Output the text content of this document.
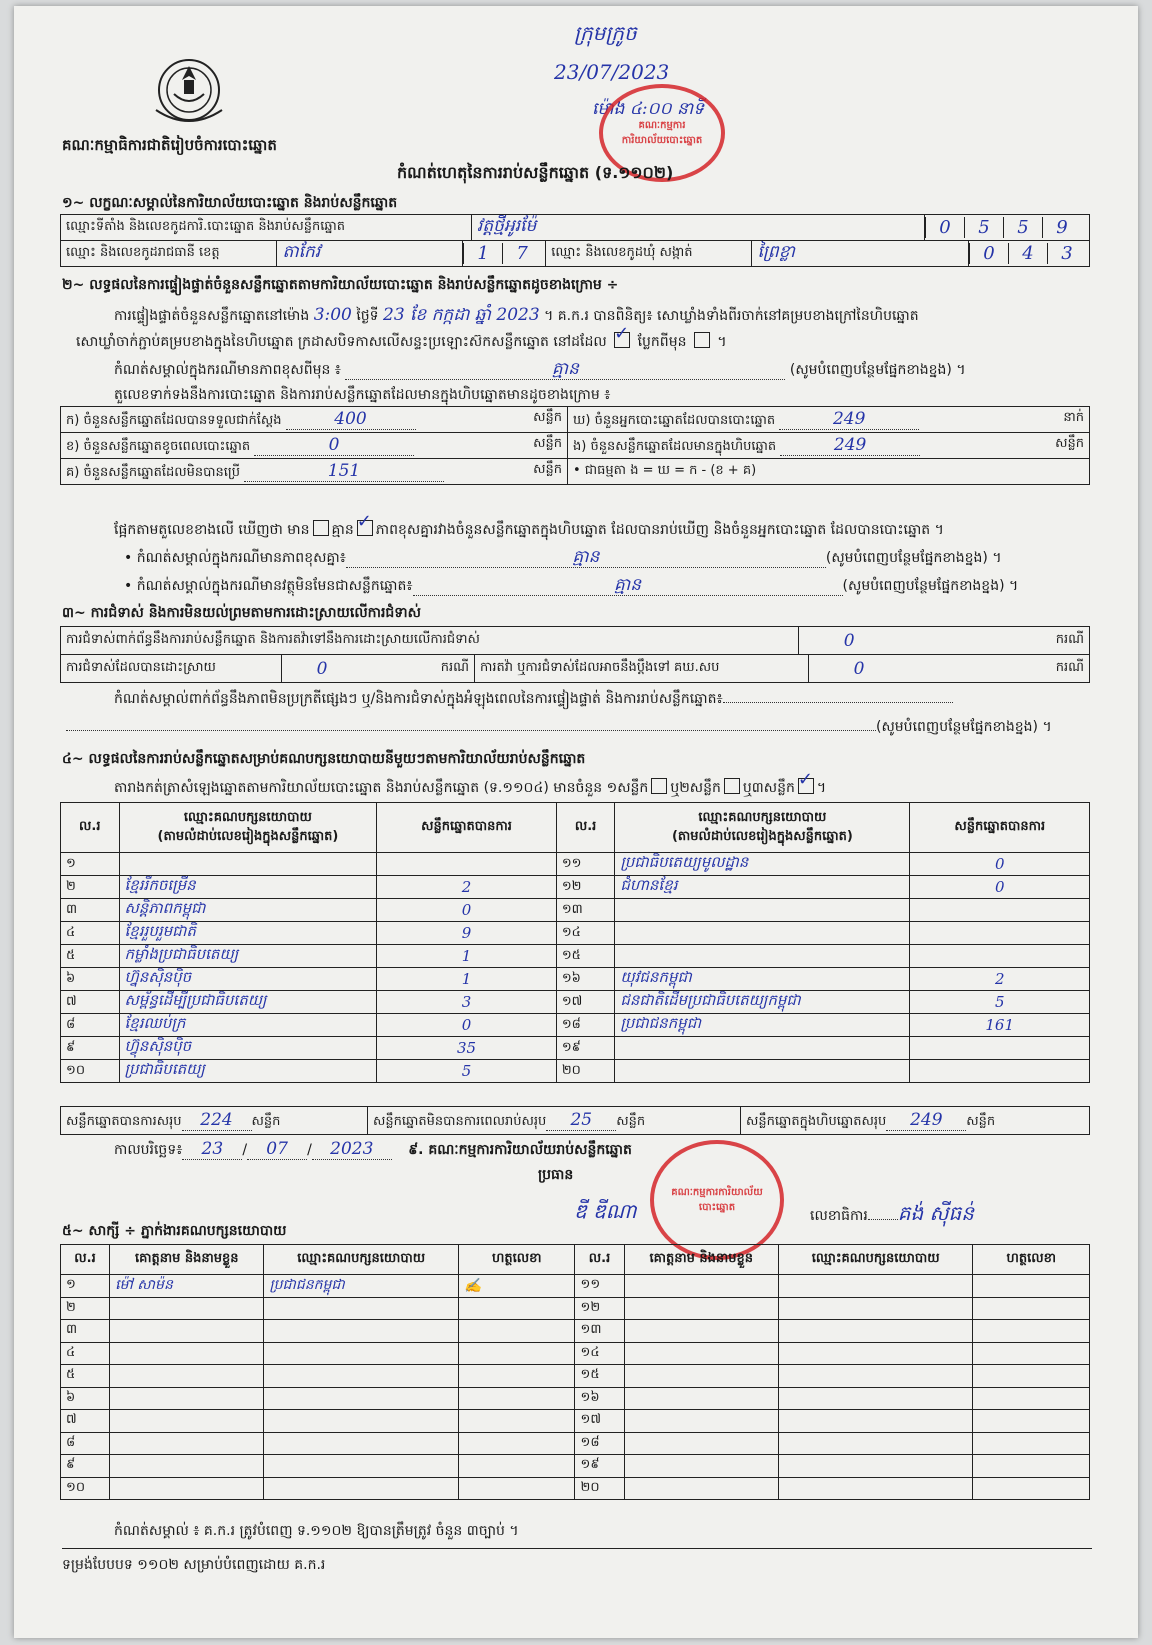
គណៈកម្មាធិការជាតិរៀបចំការបោះឆ្នោត
ក្រុមក្រូច
23/07/2023
ម៉ោង ៤:០០ នាទី
គណៈកម្មការការិយាល័យបោះឆ្នោត
កំណត់ហេតុនៃការរាប់សន្លឹកឆ្នោត (ទ.១១០២)
១~ លក្ខណៈសម្គាល់នៃការិយាល័យបោះឆ្នោត និងរាប់សន្លឹកឆ្នោត
ឈ្មោះទីតាំង និងលេខកូដការិ.បោះឆ្នោត និងរាប់សន្លឹកឆ្នោត	វត្តថ្មីអូរម៉ែ	0 5 5 9
ឈ្មោះ និងលេខកូដរាជធានី ខេត្ត	តាកែវ	1 7	ឈ្មោះ និងលេខកូដឃុំ សង្កាត់	ព្រៃខ្លា	0 4 3
២~ លទ្ធផលនៃការផ្ទៀងផ្ទាត់ចំនួនសន្លឹកឆ្នោតតាមការិយាល័យបោះឆ្នោត និងរាប់សន្លឹកឆ្នោតដូចខាងក្រោម ÷
ការផ្ទៀងផ្ទាត់ចំនួនសន្លឹកឆ្នោតនៅម៉ោង 3:00 ថ្ងៃទី 23 ខែ កក្កដា ឆ្នាំ 2023 ។ គ.ក.រ បានពិនិត្យ៖ សោឃ្លាំងទាំងពីរចាក់នៅគម្របខាងក្រៅនៃហិបឆ្នោត
សោឃ្លាំចាក់ភ្ជាប់គម្របខាងក្នុងនៃហិបឆ្នោត ក្រដាសបិទកាសលើសន្ទះប្រឡោះស៊កសន្លឹកឆ្នោត នៅដដែល ✓ ប្លែកពីមុន  ។
កំណត់សម្គាល់ក្នុងករណីមានភាពខុសពីមុន ៖	គ្មាន	(សូមបំពេញបន្ថែមផ្នែកខាងខ្នង) ។
តួលេខទាក់ទងនឹងការបោះឆ្នោត និងការរាប់សន្លឹកឆ្នោតដែលមានក្នុងហិបឆ្នោតមានដូចខាងក្រោម ៖
ក) ចំនួនសន្លឹកឆ្នោតដែលបានទទួលជាក់ស្តែង 400 សន្លឹក	ឃ) ចំនួនអ្នកបោះឆ្នោតដែលបានបោះឆ្នោត 249 នាក់

ខ) ចំនួនសន្លឹកឆ្នោតខូចពេលបោះឆ្នោត 0 សន្លឹក	ង) ចំនួនសន្លឹកឆ្នោតដែលមានក្នុងហិបឆ្នោត 249 សន្លឹក

គ) ចំនួនសន្លឹកឆ្នោតដែលមិនបានប្រើ 151 សន្លឹក	• ជាធម្មតា ង = ឃ = ក - (ខ + គ)
ផ្អែកតាមតួលេខខាងលើ ឃើញថា មាន គ្មាន ✓ ភាពខុសគ្នារវាងចំនួនសន្លឹកឆ្នោតក្នុងហិបឆ្នោត ដែលបានរាប់ឃើញ និងចំនួនអ្នកបោះឆ្នោត ដែលបានបោះឆ្នោត ។
• កំណត់សម្គាល់ក្នុងករណីមានភាពខុសគ្នា៖	គ្មាន	(សូមបំពេញបន្ថែមផ្នែកខាងខ្នង) ។
• កំណត់សម្គាល់ក្នុងករណីមានវត្ថុមិនមែនជាសន្លឹកឆ្នោត៖	គ្មាន	(សូមបំពេញបន្ថែមផ្នែកខាងខ្នង) ។
៣~ ការជំទាស់ និងការមិនយល់ព្រមតាមការដោះស្រាយលើការជំទាស់
ការជំទាស់ពាក់ព័ន្ធនឹងការរាប់សន្លឹកឆ្នោត និងការតវ៉ាទៅនឹងការដោះស្រាយលើការជំទាស់	0	ករណី
ការជំទាស់ដែលបានដោះស្រាយ	0	ករណី	ការតវ៉ា ឬការជំទាស់ដែលអាចនឹងប្តឹងទៅ គឃ.សប	0	ករណី
កំណត់សម្គាល់ពាក់ព័ន្ធនឹងភាពមិនប្រក្រតីផ្សេងៗ ឬ/និងការជំទាស់ក្នុងអំឡុងពេលនៃការផ្ទៀងផ្ទាត់ និងការរាប់សន្លឹកឆ្នោត៖
(សូមបំពេញបន្ថែមផ្នែកខាងខ្នង) ។
៤~ លទ្ធផលនៃការរាប់សន្លឹកឆ្នោតសម្រាប់គណបក្សនយោបាយនីមួយៗតាមការិយាល័យរាប់សន្លឹកឆ្នោត
តារាងកត់ត្រាសំឡេងឆ្នោតតាមការិយាល័យបោះឆ្នោត និងរាប់សន្លឹកឆ្នោត (ទ.១១០៤) មានចំនួន ១សន្លឹក ឬ២សន្លឹក ឬ៣សន្លឹក ✓ ។
ល.រ	ឈ្មោះគណបក្សនយោបាយ
(តាមលំដាប់លេខរៀងក្នុងសន្លឹកឆ្នោត)	សន្លឹកឆ្នោតបានការ	ល.រ	ឈ្មោះគណបក្សនយោបាយ
(តាមលំដាប់លេខរៀងក្នុងសន្លឹកឆ្នោត)	សន្លឹកឆ្នោតបានការ
១			១១	ប្រជាធិបតេយ្យមូលដ្ឋាន	0
២	ខ្មែររីកចម្រើន	2	១២	ជំហានខ្មែរ	0
៣	សន្តិភាពកម្ពុជា	0	១៣		
៤	ខ្មែររួបរួមជាតិ	9	១៤		
៥	កម្លាំងប្រជាធិបតេយ្យ	1	១៥		
៦	ហ្វ៊ុនស៊ិនប៉ិច	1	១៦	យុវជនកម្ពុជា	2
៧	សម្ព័ន្ធដើម្បីប្រជាធិបតេយ្យ	3	១៧	ជនជាតិដើមប្រជាធិបតេយ្យកម្ពុជា	5
៨	ខ្មែរឈប់ក្រ	0	១៨	ប្រជាជនកម្ពុជា	161
៩	ហ៊្វុនស៊ិនប៉ិច	35	១៩		
១០	ប្រជាធិបតេយ្យ	5	២០		
សន្លឹកឆ្នោតបានការសរុប 224 សន្លឹក	សន្លឹកឆ្នោតមិនបានការពេលរាប់សរុប 25 សន្លឹក	សន្លឹកឆ្នោតក្នុងហិបឆ្នោតសរុប 249 សន្លឹក
កាលបរិច្ឆេទ៖ 23 / 07 / 2023 ៩. គណៈកម្មការការិយាល័យរាប់សន្លឹកឆ្នោត
ប្រធាន
ឌី ឌីណា
គណៈកម្មការការិយាល័យបោះឆ្នោត
លេខាធិការ គង់ ស៊ីធន់
៥~ សាក្សី ÷ ភ្នាក់ងារគណបក្សនយោបាយ
ល.រ	គោត្តនាម និងនាមខ្លួន	ឈ្មោះគណបក្សនយោបាយ	ហត្ថលេខា	ល.រ	គោត្តនាម និងនាមខ្លួន	ឈ្មោះគណបក្សនយោបាយ	ហត្ថលេខា
១	ម៉ៅ សាម៉ន	ប្រជាជនកម្ពុជា	✍	១១			
២				១២			
៣				១៣			
៤				១៤			
៥				១៥			
៦				១៦			
៧				១៧			
៨				១៨			
៩				១៩			
១០				២០			
កំណត់សម្គាល់ ៖ គ.ក.រ ត្រូវបំពេញ ទ.១១០២ ឱ្យបានត្រឹមត្រូវ ចំនួន ៣ច្បាប់ ។
ទម្រង់បែបបទ ១១០២ សម្រាប់បំពេញដោយ គ.ក.រ
